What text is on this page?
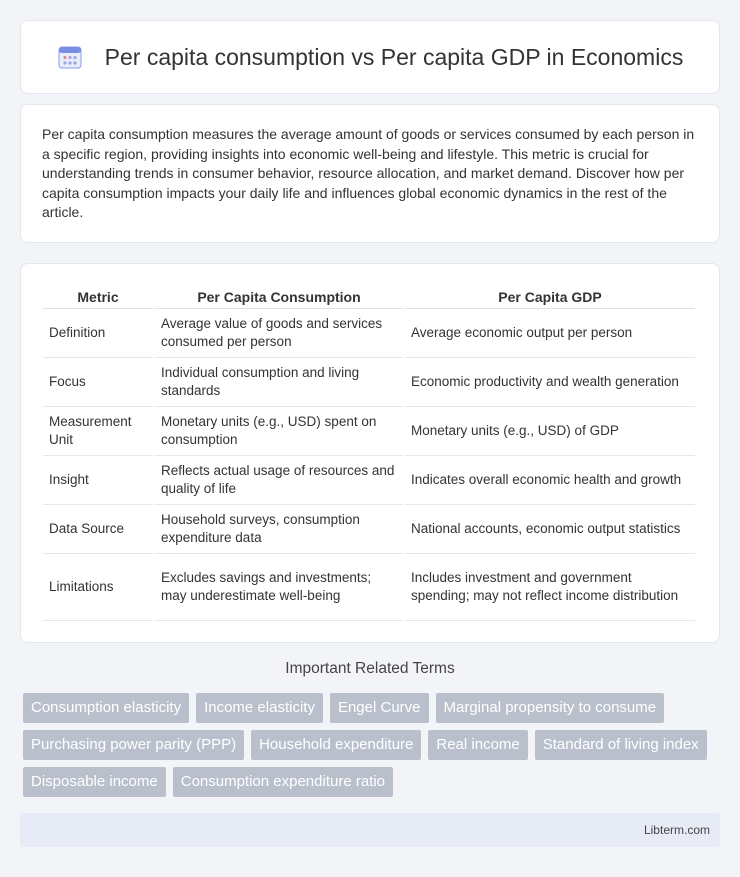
Per capita consumption vs Per capita GDP in Economics

Per capita consumption measures the average amount of goods or services consumed by each person in a specific region, providing insights into economic well-being and lifestyle. This metric is crucial for understanding trends in consumer behavior, resource allocation, and market demand. Discover how per capita consumption impacts your daily life and influences global economic dynamics in the rest of the article.

Metric	Per Capita Consumption	Per Capita GDP
Definition	Average value of goods and services consumed per person	Average economic output per person
Focus	Individual consumption and living standards	Economic productivity and wealth generation
Measurement Unit	Monetary units (e.g., USD) spent on consumption	Monetary units (e.g., USD) of GDP
Insight	Reflects actual usage of resources and quality of life	Indicates overall economic health and growth
Data Source	Household surveys, consumption expenditure data	National accounts, economic output statistics
Limitations	Excludes savings and investments; may underestimate well-being	Includes investment and government spending; may not reflect income distribution
Important Related Terms
Consumption elasticity	Income elasticity	Engel Curve	Marginal propensity to consume
Purchasing power parity (PPP)	Household expenditure	Real income	Standard of living index
Disposable income	Consumption expenditure ratio
Libterm.com
